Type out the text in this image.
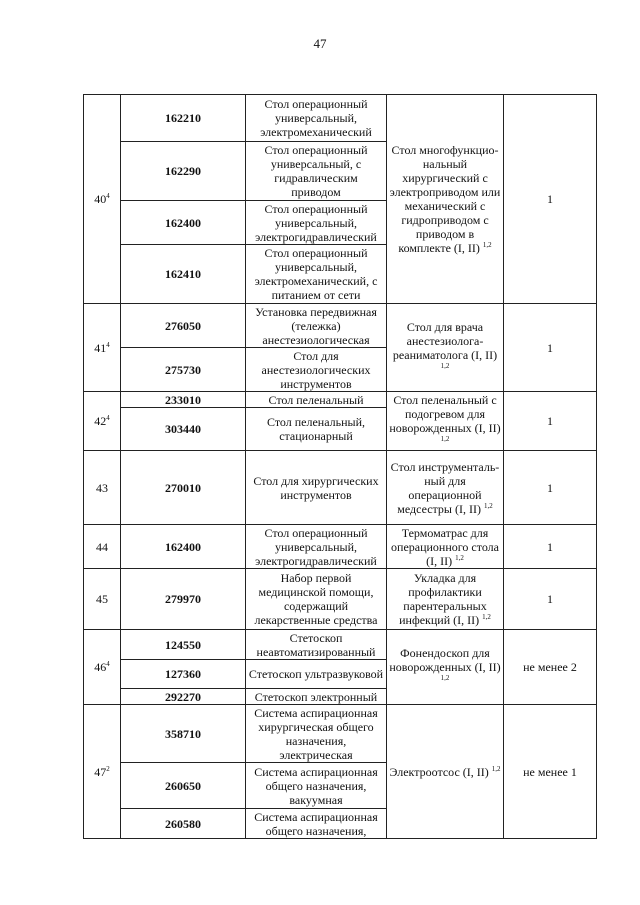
47
$40^4$	162210	Стол операционный универсальный, электромеханический	Стол многофункцио-нальный хирургический с электроприводом или механический с гидроприводом с приводом в комплекте (I, II) $^{1,2}$	1
	162290	Стол операционный универсальный, с гидравлическим приводом		
	162400	Стол операционный универсальный, электрогидравлический		
	162410	Стол операционный универсальный, электромеханический, с питанием от сети		
$41^4$	276050	Установка передвижная (тележка) анестезиологическая	Стол для врача анестезиолога-реаниматолога (I, II) $^{1,2}$	1
	275730	Стол для анестезиологических инструментов		
$42^4$	233010	Стол пеленальный	Стол пеленальный с подогревом для новорожденных (I, II) $^{1,2}$	1
	303440	Стол пеленальный, стационарный		
43	270010	Стол для хирургических инструментов	Стол инструменталь-ный для операционной медсестры (I, II) $^{1,2}$	1
44	162400	Стол операционный универсальный, электрогидравлический	Термоматрас для операционного стола (I, II) $^{1,2}$	1
45	279970	Набор первой медицинской помощи, содержащий лекарственные средства	Укладка для профилактики парентеральных инфекций (I, II) $^{1,2}$	1
$46^4$	124550	Стетоскоп неавтоматизированный	Фонендоскоп для новорожденных (I, II) $^{1,2}$	не менее 2
	127360	Стетоскоп ультразвуковой		
	292270	Стетоскоп электронный		
$47^2$	358710	Система аспирационная хирургическая общего назначения, электрическая	Электроотсос (I, II) $^{1,2}$	не менее 1
	260650	Система аспирационная общего назначения, вакуумная		
	260580	Система аспирационная общего назначения,		
